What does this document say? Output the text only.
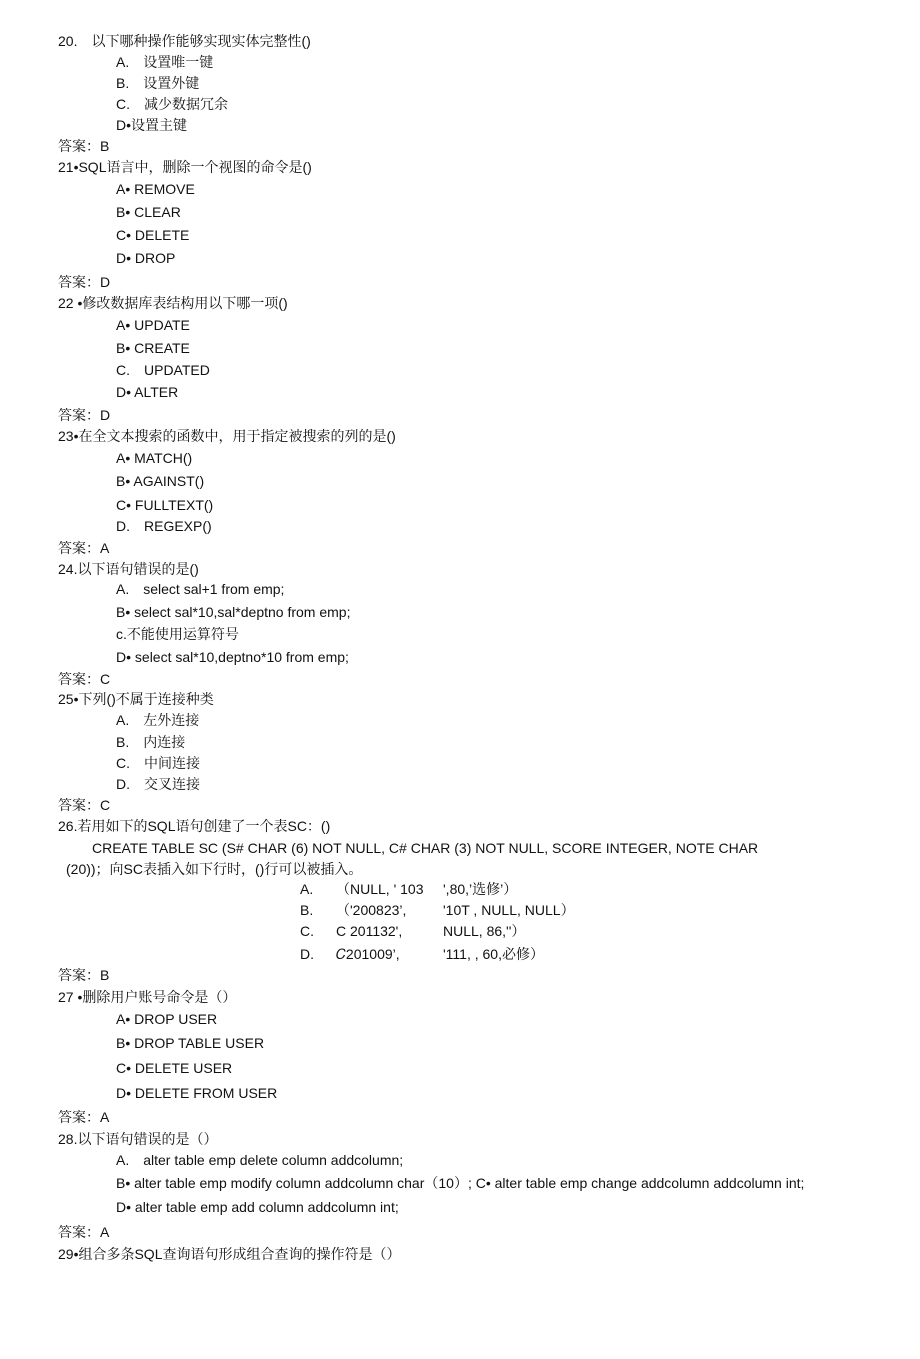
20.　以下哪种操作能够实现实体完整性()
A.　设置唯一键
B.　设置外键
C.　减少数据冗余
D•设置主键
答案：B
21•SQL语言中，删除一个视图的命令是()
A• REMOVE
B• CLEAR
C• DELETE
D• DROP
答案：D
22 •修改数据库表结构用以下哪一项()
A• UPDATE
B• CREATE
C.　UPDATED
D• ALTER
答案：D
23•在全文本搜索的函数中，用于指定被搜索的列的是()
A• MATCH()
B• AGAINST()
C• FULLTEXT()
D.　REGEXP()
答案：A
24.以下语句错误的是()
A.　select sal+1 from emp;
B• select sal*10,sal*deptno from emp;
c.不能使用运算符号
D• select sal*10,deptno*10 from emp;
答案：C
25•下列()不属于连接种类
A.　左外连接
B.　内连接
C.　中间连接
D.　交叉连接
答案：C
26.若用如下的SQL语句创建了一个表SC：()
CREATE TABLE SC (S# CHAR (6) NOT NULL, C# CHAR (3) NOT NULL, SCORE INTEGER, NOTE CHAR
(20))；向SC表插入如下行时，()行可以被插入。
A. （NULL, ' 103 ',80,’选修’）
B. （'200823’,	'10T , NULL, NULL）
C. C 201132',	NULL, 86,''）
D. 𝐶201009’,	'111, , 60,必修）
答案：B
27 •删除用户账号命令是（）
A• DROP USER
B• DROP TABLE USER
C• DELETE USER
D• DELETE FROM USER
答案：A
28.以下语句错误的是（）
A.　alter table emp delete column addcolumn;
B• alter table emp modify column addcolumn char（10）; C• alter table emp change addcolumn addcolumn int;
D• alter table emp add column addcolumn int;
答案：A
29•组合多条SQL查询语句形成组合查询的操作符是（）
